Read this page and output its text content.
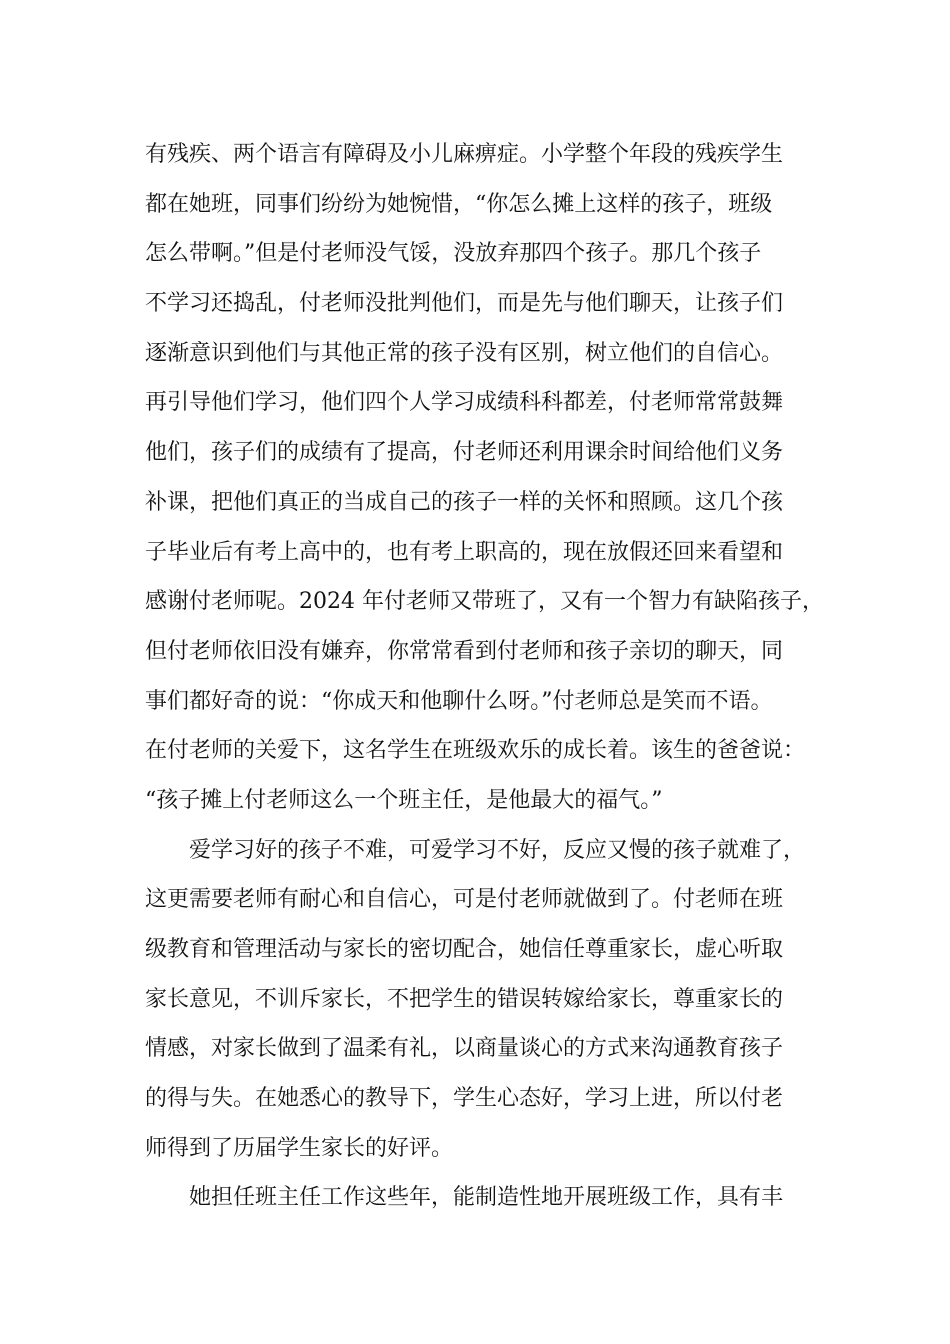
有残疾、两个语言有障碍及小儿麻痹症。小学整个年段的残疾学生
都在她班，同事们纷纷为她惋惜，“你怎么摊上这样的孩子，班级
怎么带啊。”但是付老师没气馁，没放弃那四个孩子。那几个孩子
不学习还捣乱，付老师没批判他们，而是先与他们聊天，让孩子们
逐渐意识到他们与其他正常的孩子没有区别，树立他们的自信心。
再引导他们学习，他们四个人学习成绩科科都差，付老师常常鼓舞
他们，孩子们的成绩有了提高，付老师还利用课余时间给他们义务
补课，把他们真正的当成自己的孩子一样的关怀和照顾。这几个孩
子毕业后有考上高中的，也有考上职高的，现在放假还回来看望和
感谢付老师呢。2024 年付老师又带班了，又有一个智力有缺陷孩子，
但付老师依旧没有嫌弃，你常常看到付老师和孩子亲切的聊天，同
事们都好奇的说：“你成天和他聊什么呀。”付老师总是笑而不语。
在付老师的关爱下，这名学生在班级欢乐的成长着。该生的爸爸说：
“孩子摊上付老师这么一个班主任，是他最大的福气。”
爱学习好的孩子不难，可爱学习不好，反应又慢的孩子就难了，
这更需要老师有耐心和自信心，可是付老师就做到了。付老师在班
级教育和管理活动与家长的密切配合，她信任尊重家长，虚心听取
家长意见，不训斥家长，不把学生的错误转嫁给家长，尊重家长的
情感，对家长做到了温柔有礼，以商量谈心的方式来沟通教育孩子
的得与失。在她悉心的教导下，学生心态好，学习上进，所以付老
师得到了历届学生家长的好评。
她担任班主任工作这些年，能制造性地开展班级工作，具有丰
